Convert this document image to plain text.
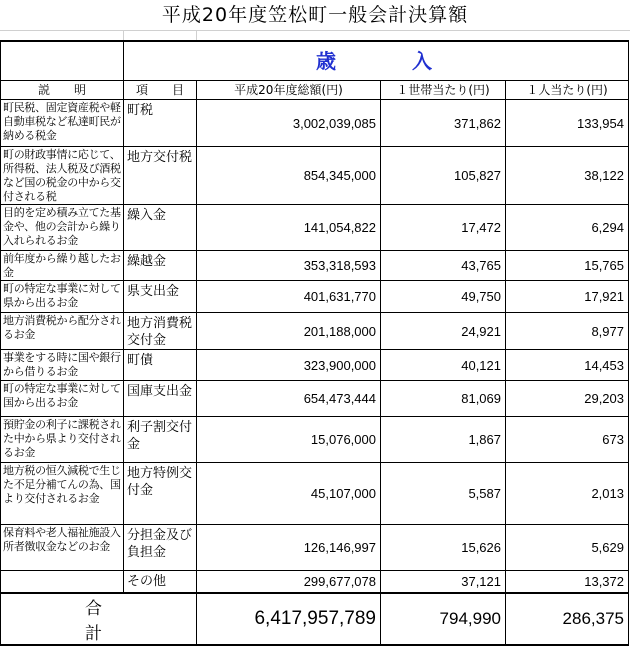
平成20年度笠松町一般会計決算額
	歳　　　入			
説　　明	項　　目	平成20年度総額(円)	１世帯当たり(円)	１人当たり(円)
町民税、固定資産税や軽自動車税など私達町民が納める税金	町税	3,002,039,085	371,862	133,954
町の財政事情に応じて、所得税、法人税及び酒税など国の税金の中から交付される税	地方交付税	854,345,000	105,827	38,122
目的を定め積み立てた基金や、他の会計から繰り入れられるお金	繰入金	141,054,822	17,472	6,294
前年度から繰り越したお金	繰越金	353,318,593	43,765	15,765
町の特定な事業に対して県から出るお金	県支出金	401,631,770	49,750	17,921
地方消費税から配分されるお金	地方消費税交付金	201,188,000	24,921	8,977
事業をする時に国や銀行から借りるお金	町債	323,900,000	40,121	14,453
町の特定な事業に対して国から出るお金	国庫支出金	654,473,444	81,069	29,203
預貯金の利子に課税された中から県より交付されるお金	利子割交付金	15,076,000	1,867	673
地方税の恒久減税で生じた不足分補てんの為、国より交付されるお金	地方特例交付金	45,107,000	5,587	2,013
保育料や老人福祉施設入所者徴収金などのお金	分担金及び負担金	126,146,997	15,626	5,629
	その他	299,677,078	37,121	13,372
合計		6,417,957,789	794,990	286,375
